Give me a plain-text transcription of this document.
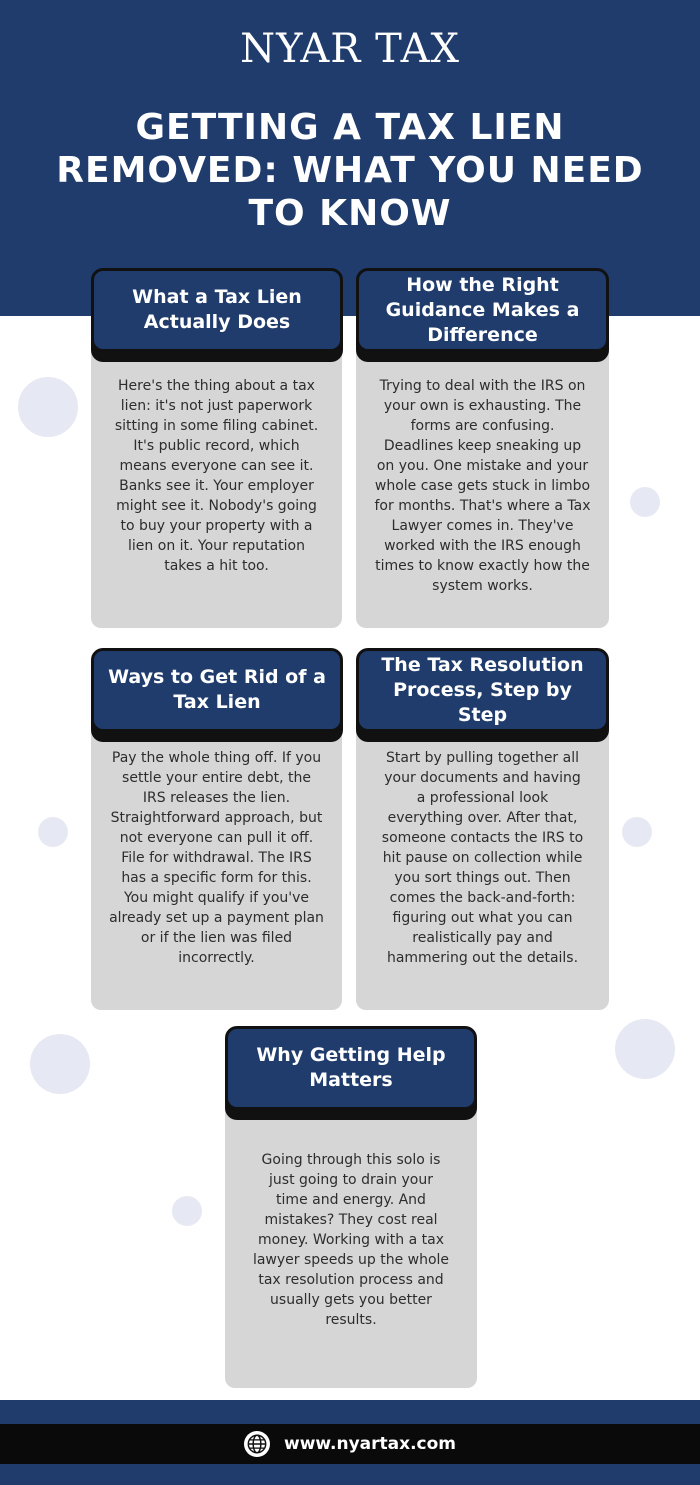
NYAR TAX
GETTING A TAX LIEN REMOVED: WHAT YOU NEED TO KNOW
Here's the thing about a tax lien: it's not just paperwork sitting in some filing cabinet. It's public record, which means everyone can see it. Banks see it. Your employer might see it. Nobody's going to buy your property with a lien on it. Your reputation takes a hit too.
What a Tax Lien Actually Does
Trying to deal with the IRS on your own is exhausting. The forms are confusing. Deadlines keep sneaking up on you. One mistake and your whole case gets stuck in limbo for months. That's where a Tax Lawyer comes in. They've worked with the IRS enough times to know exactly how the system works.
How the Right Guidance Makes a Difference
Pay the whole thing off. If you settle your entire debt, the IRS releases the lien. Straightforward approach, but not everyone can pull it off. File for withdrawal. The IRS has a specific form for this. You might qualify if you've already set up a payment plan or if the lien was filed incorrectly.
Ways to Get Rid of a Tax Lien
Start by pulling together all your documents and having a professional look everything over. After that, someone contacts the IRS to hit pause on collection while you sort things out. Then comes the back-and-forth: figuring out what you can realistically pay and hammering out the details.
The Tax Resolution Process, Step by Step
Going through this solo is just going to drain your time and energy. And mistakes? They cost real money. Working with a tax lawyer speeds up the whole tax resolution process and usually gets you better results.
Why Getting Help Matters
www.nyartax.com
